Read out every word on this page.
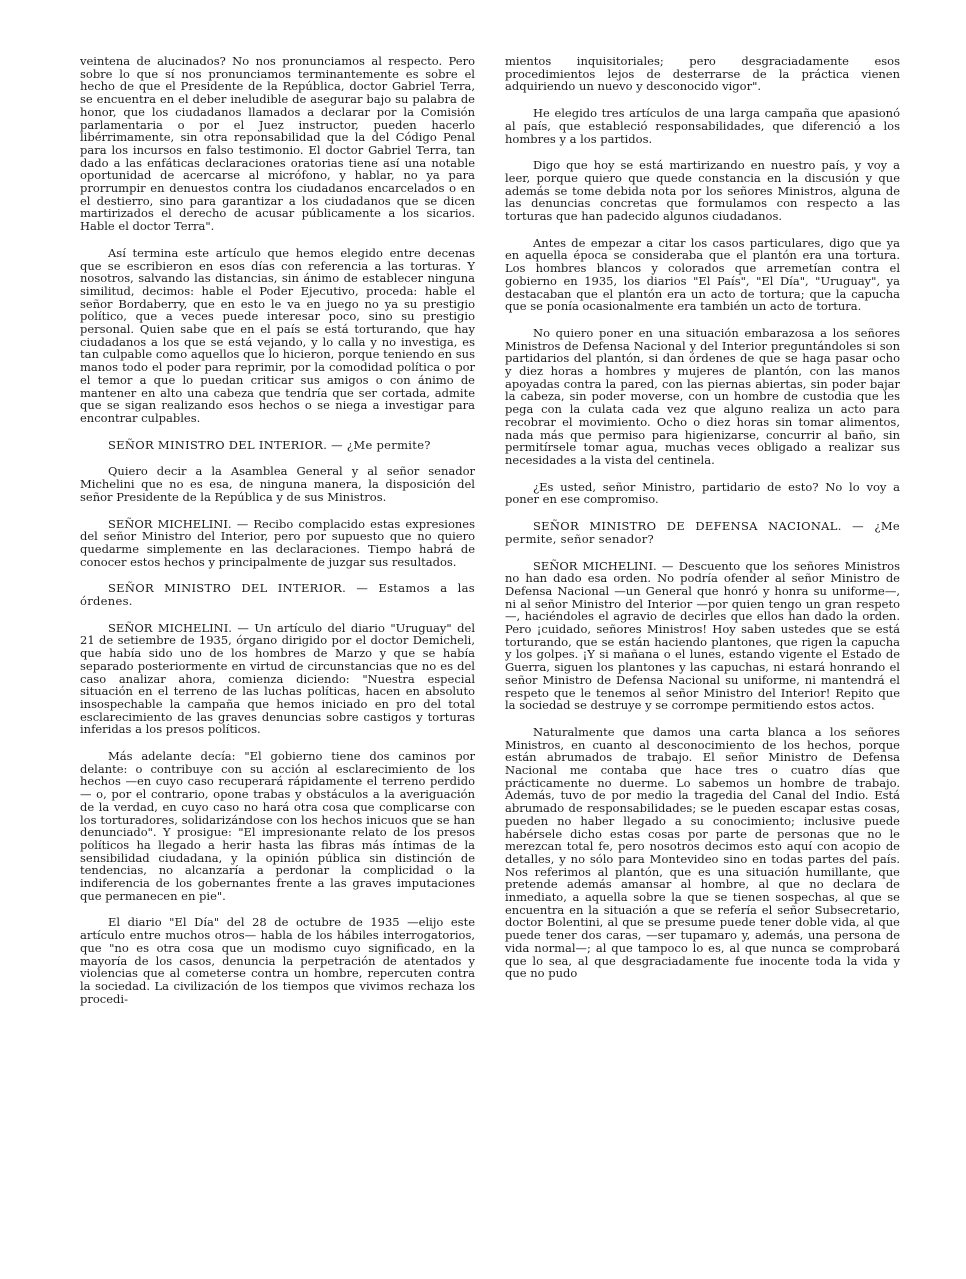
veintena de alucinados? No nos pronunciamos al respecto. Pero sobre lo que sí nos pronunciamos terminantemente es sobre el hecho de que el Presidente de la República, doctor Gabriel Terra, se encuentra en el deber ineludible de asegurar bajo su palabra de honor, que los ciudadanos llamados a declarar por la Comisión parlamentaria o por el Juez instructor, pueden hacerlo libérrimamente, sin otra reponsabilidad que la del Código Penal para los incursos en falso testimonio. El doctor Gabriel Terra, tan dado a las enfáticas declaraciones oratorias tiene así una notable oportunidad de acercarse al micrófono, y hablar, no ya para prorrumpir en denuestos contra los ciudadanos encarcelados o en el destierro, sino para garantizar a los ciudadanos que se dicen martirizados el derecho de acusar públicamente a los sicarios. Hable el doctor Terra".

Así termina este artículo que hemos elegido entre decenas que se escribieron en esos días con referencia a las torturas. Y nosotros, salvando las distancias, sin ánimo de establecer ninguna similitud, decimos: hable el Poder Ejecutivo, proceda: hable el señor Bordaberry, que en esto le va en juego no ya su prestigio político, que a veces puede interesar poco, sino su prestigio personal. Quien sabe que en el país se está torturando, que hay ciudadanos a los que se está vejando, y lo calla y no investiga, es tan culpable como aquellos que lo hicieron, porque teniendo en sus manos todo el poder para reprimir, por la comodidad política o por el temor a que lo puedan criticar sus amigos o con ánimo de mantener en alto una cabeza que tendría que ser cortada, admite que se sigan realizando esos hechos o se niega a investigar para encontrar culpables.

SEÑOR MINISTRO DEL INTERIOR. — ¿Me permite?

Quiero decir a la Asamblea General y al señor senador Michelini que no es esa, de ninguna manera, la disposición del señor Presidente de la República y de sus Ministros.

SEÑOR MICHELINI. — Recibo complacido estas expresiones del señor Ministro del Interior, pero por supuesto que no quiero quedarme simplemente en las declaraciones. Tiempo habrá de conocer estos hechos y principalmente de juzgar sus resultados.

SEÑOR MINISTRO DEL INTERIOR. — Estamos a las órdenes.

SEÑOR MICHELINI. — Un artículo del diario "Uruguay" del 21 de setiembre de 1935, órgano dirigido por el doctor Demicheli, que había sido uno de los hombres de Marzo y que se había separado posteriormente en virtud de circunstancias que no es del caso analizar ahora, comienza diciendo: "Nuestra especial situación en el terreno de las luchas políticas, hacen en absoluto insospechable la campaña que hemos iniciado en pro del total esclarecimiento de las graves denuncias sobre castigos y torturas inferidas a los presos políticos.

Más adelante decía: "El gobierno tiene dos caminos por delante: o contribuye con su acción al esclarecimiento de los hechos —en cuyo caso recuperará rápidamente el terreno perdido— o, por el contrario, opone trabas y obstáculos a la averiguación de la verdad, en cuyo caso no hará otra cosa que complicarse con los torturadores, solidarizándose con los hechos inicuos que se han denunciado". Y prosigue: "El impresionante relato de los presos políticos ha llegado a herir hasta las fibras más íntimas de la sensibilidad ciudadana, y la opinión pública sin distinción de tendencias, no alcanzaría a perdonar la complicidad o la indiferencia de los gobernantes frente a las graves imputaciones que permanecen en pie".

El diario "El Día" del 28 de octubre de 1935 —elijo este artículo entre muchos otros— habla de los hábiles interrogatorios, que "no es otra cosa que un modismo cuyo significado, en la mayoría de los casos, denuncia la perpetración de atentados y violencias que al cometerse contra un hombre, repercuten contra la sociedad. La civilización de los tiempos que vivimos rechaza los procedi-

mientos inquisitoriales; pero desgraciadamente esos procedimientos lejos de desterrarse de la práctica vienen adquiriendo un nuevo y desconocido vigor".

He elegido tres artículos de una larga campaña que apasionó al país, que estableció responsabilidades, que diferenció a los hombres y a los partidos.

Digo que hoy se está martirizando en nuestro país, y voy a leer, porque quiero que quede constancia en la discusión y que además se tome debida nota por los señores Ministros, alguna de las denuncias concretas que formulamos con respecto a las torturas que han padecido algunos ciudadanos.

Antes de empezar a citar los casos particulares, digo que ya en aquella época se consideraba que el plantón era una tortura. Los hombres blancos y colorados que arremetían contra el gobierno en 1935, los diarios "El País", "El Día", "Uruguay", ya destacaban que el plantón era un acto de tortura; que la capucha que se ponía ocasionalmente era también un acto de tortura.

No quiero poner en una situación embarazosa a los señores Ministros de Defensa Nacional y del Interior preguntándoles si son partidarios del plantón, si dan órdenes de que se haga pasar ocho y diez horas a hombres y mujeres de plantón, con las manos apoyadas contra la pared, con las piernas abiertas, sin poder bajar la cabeza, sin poder moverse, con un hombre de custodia que les pega con la culata cada vez que alguno realiza un acto para recobrar el movimiento. Ocho o diez horas sin tomar alimentos, nada más que permiso para higienizarse, concurrir al baño, sin permitírsele tomar agua, muchas veces obligado a realizar sus necesidades a la vista del centinela.

¿Es usted, señor Ministro, partidario de esto? No lo voy a poner en ese compromiso.

SEÑOR MINISTRO DE DEFENSA NACIONAL. — ¿Me permite, señor senador?

SEÑOR MICHELINI. — Descuento que los señores Ministros no han dado esa orden. No podría ofender al señor Ministro de Defensa Nacional —un General que honró y honra su uniforme—, ni al señor Ministro del Interior —por quien tengo un gran respeto—, haciéndoles el agravio de decirles que ellos han dado la orden. Pero ¡cuidado, señores Ministros! Hoy saben ustedes que se está torturando, que se están haciendo plantones, que rigen la capucha y los golpes. ¡Y si mañana o el lunes, estando vigente el Estado de Guerra, siguen los plantones y las capuchas, ni estará honrando el señor Ministro de Defensa Nacional su uniforme, ni mantendrá el respeto que le tenemos al señor Ministro del Interior! Repito que la sociedad se destruye y se corrompe permitiendo estos actos.

Naturalmente que damos una carta blanca a los señores Ministros, en cuanto al desconocimiento de los hechos, porque están abrumados de trabajo. El señor Ministro de Defensa Nacional me contaba que hace tres o cuatro días que prácticamente no duerme. Lo sabemos un hombre de trabajo. Además, tuvo de por medio la tragedia del Canal del Indio. Está abrumado de responsabilidades; se le pueden escapar estas cosas, pueden no haber llegado a su conocimiento; inclusive puede habérsele dicho estas cosas por parte de personas que no le merezcan total fe, pero nosotros decimos esto aquí con acopio de detalles, y no sólo para Montevideo sino en todas partes del país. Nos referimos al plantón, que es una situación humillante, que pretende además amansar al hombre, al que no declara de inmediato, a aquella sobre la que se tienen sospechas, al que se encuentra en la situación a que se refería el señor Subsecretario, doctor Bolentini, al que se presume puede tener doble vida, al que puede tener dos caras, —ser tupamaro y, además, una persona de vida normal—; al que tampoco lo es, al que nunca se comprobará que lo sea, al que desgraciadamente fue inocente toda la vida y que no pudo
